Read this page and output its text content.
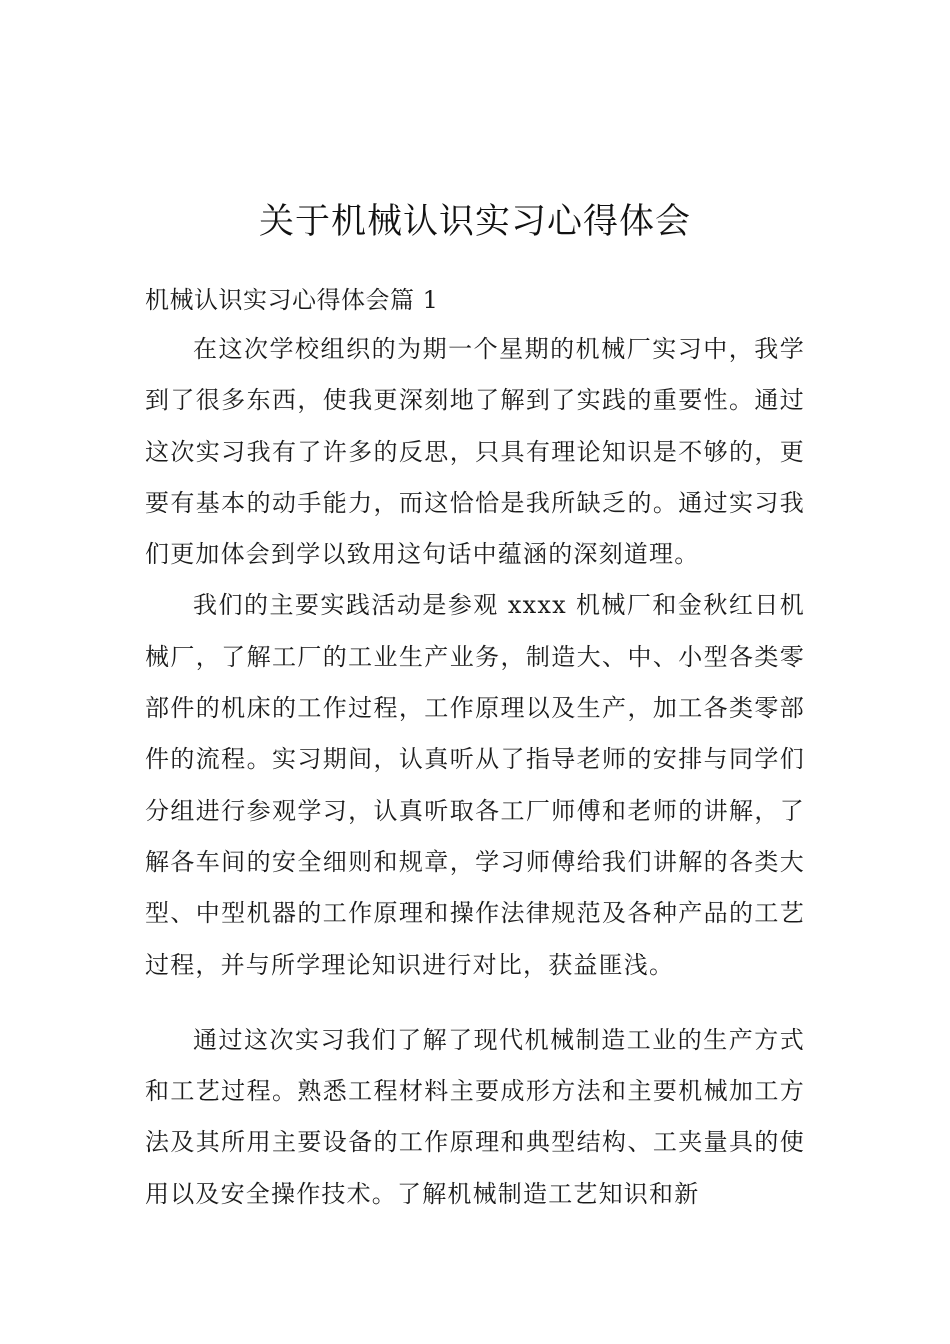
关于机械认识实习心得体会

机械认识实习心得体会篇 1

在这次学校组织的为期一个星期的机械厂实习中，我学到了很多东西，使我更深刻地了解到了实践的重要性。通过这次实习我有了许多的反思，只具有理论知识是不够的，更要有基本的动手能力，而这恰恰是我所缺乏的。通过实习我们更加体会到学以致用这句话中蕴涵的深刻道理。

我们的主要实践活动是参观 xxxx 机械厂和金秋红日机械厂，了解工厂的工业生产业务，制造大、中、小型各类零部件的机床的工作过程，工作原理以及生产，加工各类零部件的流程。实习期间，认真听从了指导老师的安排与同学们分组进行参观学习，认真听取各工厂师傅和老师的讲解，了解各车间的安全细则和规章，学习师傅给我们讲解的各类大型、中型机器的工作原理和操作法律规范及各种产品的工艺过程，并与所学理论知识进行对比，获益匪浅。

通过这次实习我们了解了现代机械制造工业的生产方式和工艺过程。熟悉工程材料主要成形方法和主要机械加工方法及其所用主要设备的工作原理和典型结构、工夹量具的使用以及安全操作技术。了解机械制造工艺知识和新
